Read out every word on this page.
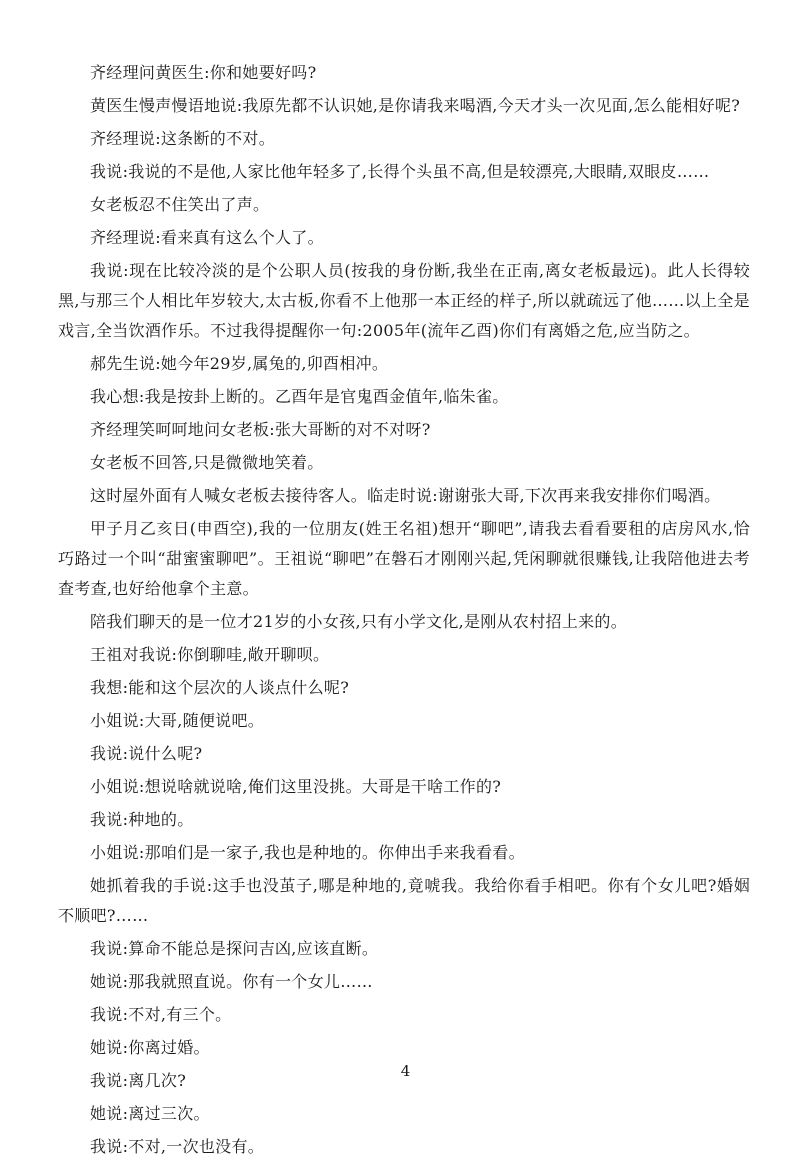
齐经理问黄医生:你和她要好吗?

黄医生慢声慢语地说:我原先都不认识她,是你请我来喝酒,今天才头一次见面,怎么能相好呢?

齐经理说:这条断的不对。

我说:我说的不是他,人家比他年轻多了,长得个头虽不高,但是较漂亮,大眼睛,双眼皮……

女老板忍不住笑出了声。

齐经理说:看来真有这么个人了。

我说:现在比较冷淡的是个公职人员(按我的身份断,我坐在正南,离女老板最远)。此人长得较黑,与那三个人相比年岁较大,太古板,你看不上他那一本正经的样子,所以就疏远了他……以上全是戏言,全当饮酒作乐。不过我得提醒你一句:2005年(流年乙酉)你们有离婚之危,应当防之。

郝先生说:她今年29岁,属兔的,卯酉相冲。

我心想:我是按卦上断的。乙酉年是官鬼酉金值年,临朱雀。

齐经理笑呵呵地问女老板:张大哥断的对不对呀?

女老板不回答,只是微微地笑着。

这时屋外面有人喊女老板去接待客人。临走时说:谢谢张大哥,下次再来我安排你们喝酒。

甲子月乙亥日(申酉空),我的一位朋友(姓王名祖)想开“聊吧”,请我去看看要租的店房风水,恰巧路过一个叫“甜蜜蜜聊吧”。王祖说“聊吧”在磐石才刚刚兴起,凭闲聊就很赚钱,让我陪他进去考查考查,也好给他拿个主意。

陪我们聊天的是一位才21岁的小女孩,只有小学文化,是刚从农村招上来的。

王祖对我说:你倒聊哇,敞开聊呗。

我想:能和这个层次的人谈点什么呢?

小姐说:大哥,随便说吧。

我说:说什么呢?

小姐说:想说啥就说啥,俺们这里没挑。大哥是干啥工作的?

我说:种地的。

小姐说:那咱们是一家子,我也是种地的。你伸出手来我看看。

她抓着我的手说:这手也没茧子,哪是种地的,竟唬我。我给你看手相吧。你有个女儿吧?婚姻不顺吧?……

我说:算命不能总是探问吉凶,应该直断。

她说:那我就照直说。你有一个女儿……

我说:不对,有三个。

她说:你离过婚。

我说:离几次?

她说:离过三次。

我说:不对,一次也没有。

4
